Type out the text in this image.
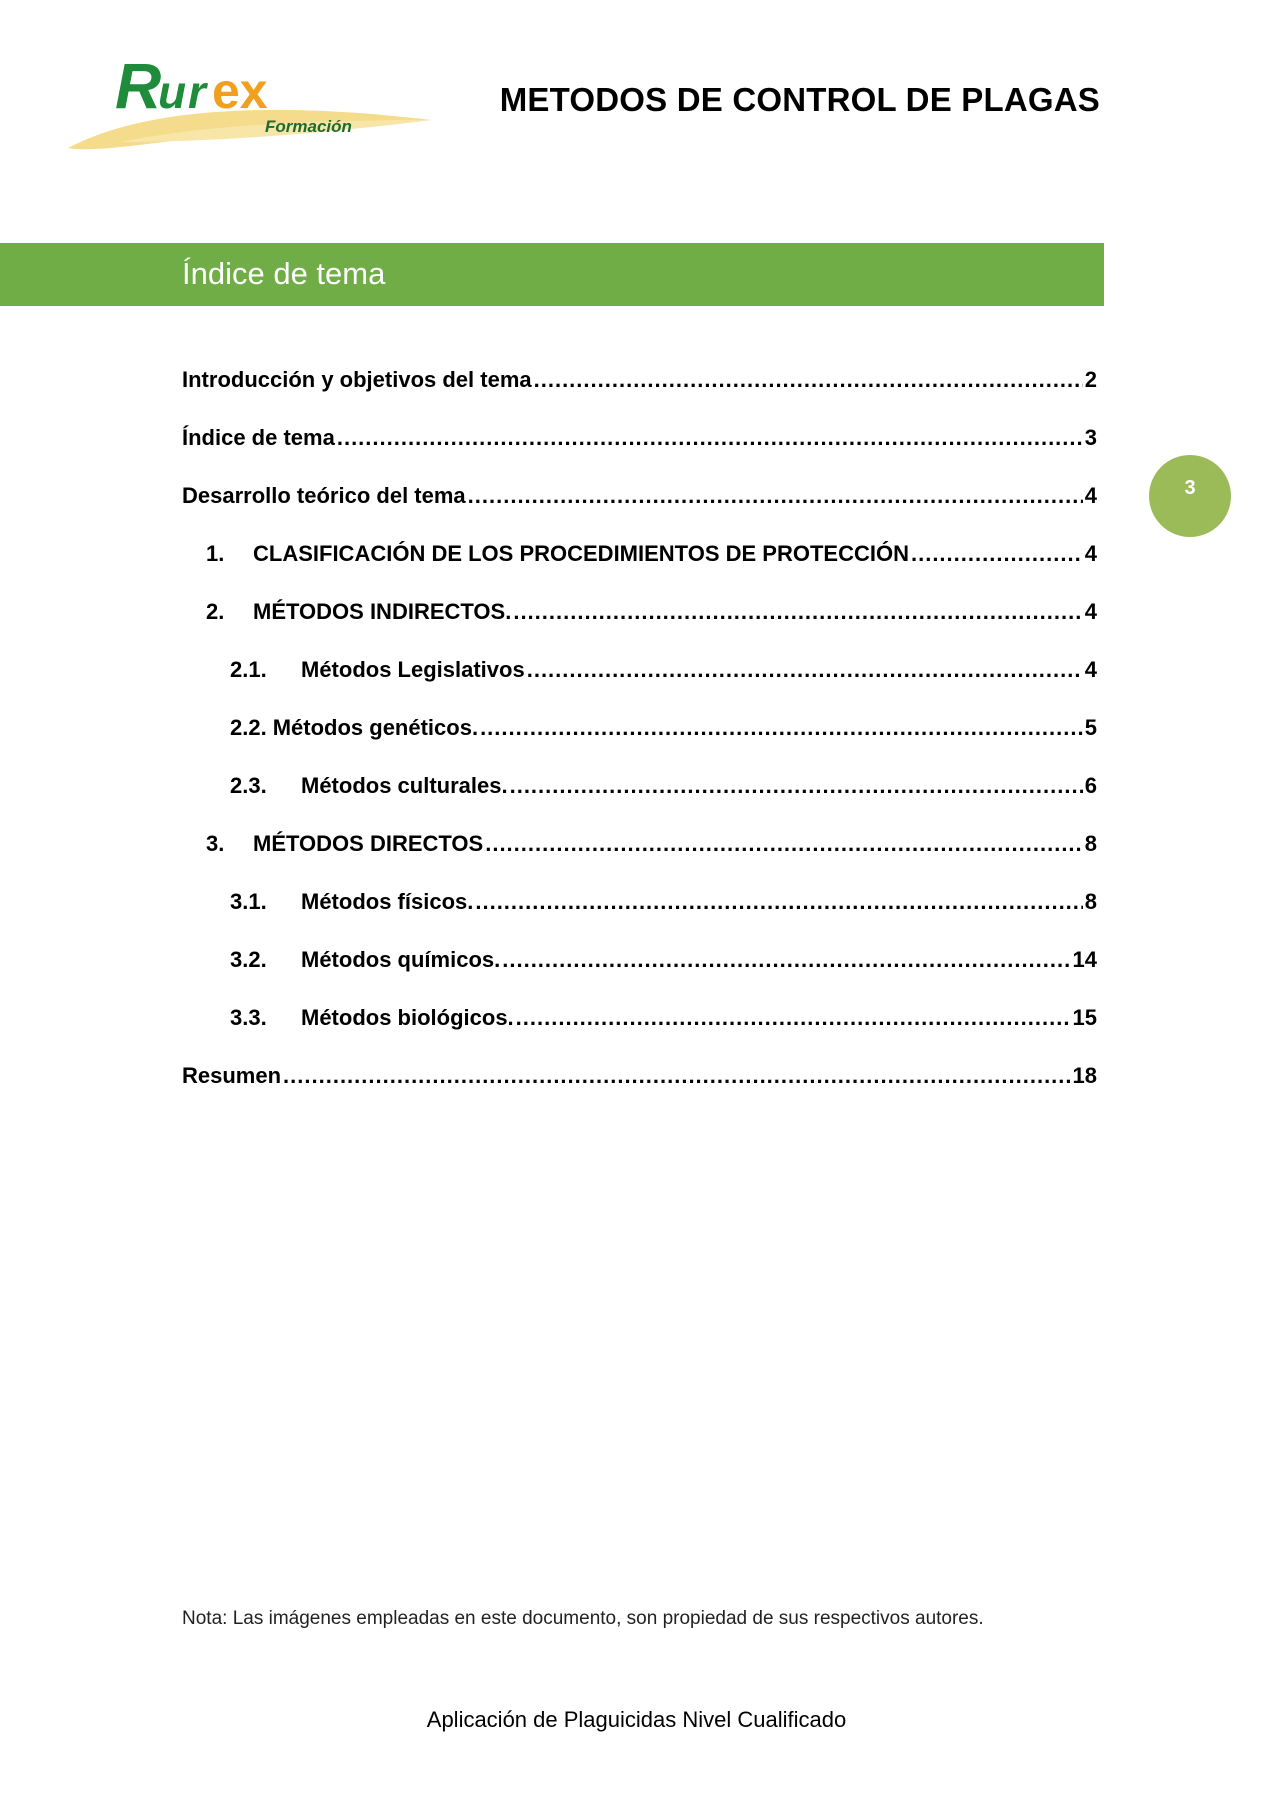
R
u r ex
Formación
METODOS DE CONTROL DE PLAGAS
Índice de tema
3
Introducción y objetivos del tema .....	2
Índice de tema .....	3
Desarrollo teórico del tema .....	4
1.	CLASIFICACIÓN DE LOS PROCEDIMIENTOS DE PROTECCIÓN .....	4
2.	MÉTODOS INDIRECTOS. .....	4
2.1.	Métodos Legislativos .....	4
2.2. Métodos genéticos. .....	5
2.3.	Métodos culturales. .....	6
3.	MÉTODOS DIRECTOS .....	8
3.1.	Métodos físicos. .....	8
3.2.	Métodos químicos. .....	14
3.3.	Métodos biológicos. .....	15
Resumen .....	18

Nota: Las imágenes empleadas en este documento, son propiedad de sus respectivos autores.

Aplicación de Plaguicidas Nivel Cualificado
